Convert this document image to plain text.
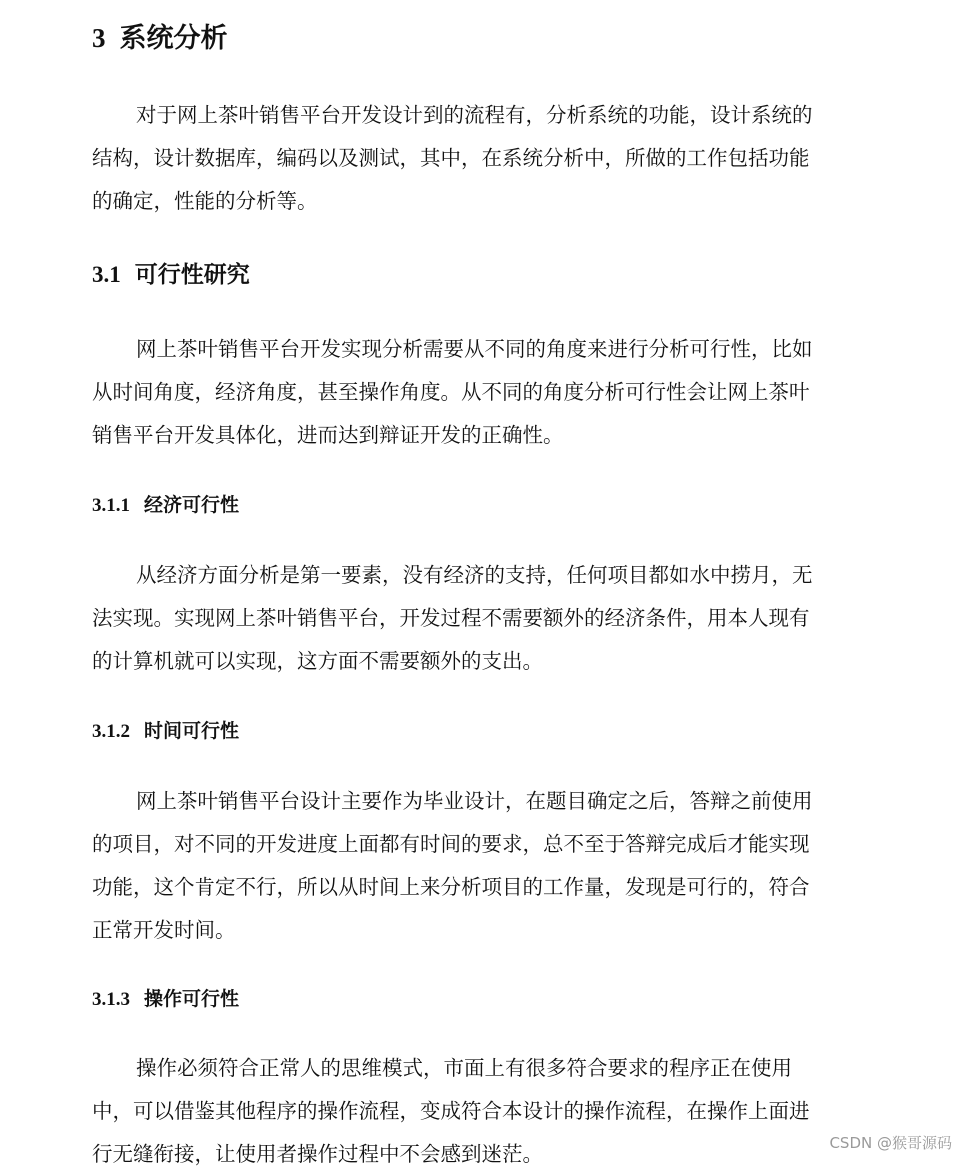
3 系统分析
对于网上茶叶销售平台开发设计到的流程有，分析系统的功能，设计系统的
结构，设计数据库，编码以及测试，其中，在系统分析中，所做的工作包括功能
的确定，性能的分析等。
3.1 可行性研究
网上茶叶销售平台开发实现分析需要从不同的角度来进行分析可行性，比如
从时间角度，经济角度，甚至操作角度。从不同的角度分析可行性会让网上茶叶
销售平台开发具体化，进而达到辩证开发的正确性。
3.1.1 经济可行性
从经济方面分析是第一要素，没有经济的支持，任何项目都如水中捞月，无
法实现。实现网上茶叶销售平台，开发过程不需要额外的经济条件，用本人现有
的计算机就可以实现，这方面不需要额外的支出。
3.1.2 时间可行性
网上茶叶销售平台设计主要作为毕业设计，在题目确定之后，答辩之前使用
的项目，对不同的开发进度上面都有时间的要求，总不至于答辩完成后才能实现
功能，这个肯定不行，所以从时间上来分析项目的工作量，发现是可行的，符合
正常开发时间。
3.1.3 操作可行性
操作必须符合正常人的思维模式，市面上有很多符合要求的程序正在使用
中，可以借鉴其他程序的操作流程，变成符合本设计的操作流程，在操作上面进
行无缝衔接，让使用者操作过程中不会感到迷茫。	CSDN @猴哥源码
